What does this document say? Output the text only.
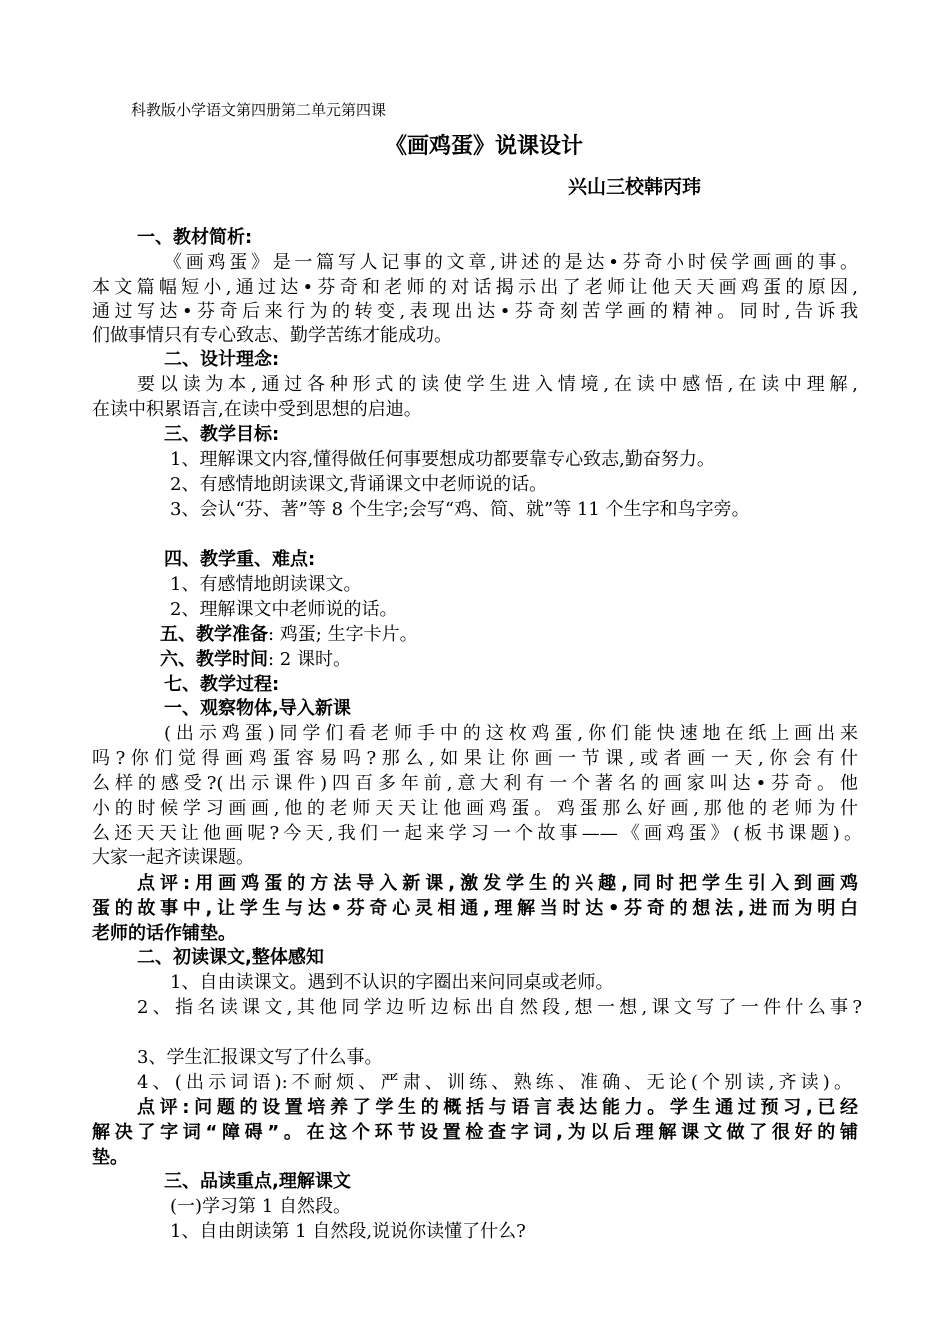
科教版小学语文第四册第二单元第四课
《画鸡蛋》说课设计
兴山三校韩丙玮
一、教材简析:
《画鸡蛋》是一篇写人记事的文章,讲述的是达•芬奇小时侯学画画的事。
本文篇幅短小,通过达•芬奇和老师的对话揭示出了老师让他天天画鸡蛋的原因,
通过写达•芬奇后来行为的转变,表现出达•芬奇刻苦学画的精神。同时,告诉我
们做事情只有专心致志、勤学苦练才能成功。
二、设计理念:
要以读为本,通过各种形式的读使学生进入情境,在读中感悟,在读中理解,
在读中积累语言,在读中受到思想的启迪。
三、教学目标:
1、理解课文内容,懂得做任何事要想成功都要靠专心致志,勤奋努力。
2、有感情地朗读课文,背诵课文中老师说的话。
3、会认“芬、著”等 8 个生字;会写“鸡、简、就”等 11 个生字和鸟字旁。
四、教学重、难点:
1、有感情地朗读课文。
2、理解课文中老师说的话。
五、教学准备: 鸡蛋; 生字卡片。
六、教学时间: 2 课时。
七、教学过程:
一、观察物体,导入新课
(出示鸡蛋)同学们看老师手中的这枚鸡蛋,你们能快速地在纸上画出来
吗?你们觉得画鸡蛋容易吗?那么,如果让你画一节课,或者画一天,你会有什
么样的感受?(出示课件)四百多年前,意大利有一个著名的画家叫达•芬奇。他
小的时候学习画画,他的老师天天让他画鸡蛋。鸡蛋那么好画,那他的老师为什
么还天天让他画呢?今天,我们一起来学习一个故事——《画鸡蛋》(板书课题)。
大家一起齐读课题。
点评:用画鸡蛋的方法导入新课,激发学生的兴趣,同时把学生引入到画鸡
蛋的故事中,让学生与达•芬奇心灵相通,理解当时达•芬奇的想法,进而为明白
老师的话作铺垫。
二、初读课文,整体感知
1、自由读课文。遇到不认识的字圈出来问同桌或老师。
2、指名读课文,其他同学边听边标出自然段,想一想,课文写了一件什么事?
3、学生汇报课文写了什么事。
4、(出示词语):不耐烦、严肃、训练、熟练、准确、无论(个别读,齐读)。
点评:问题的设置培养了学生的概括与语言表达能力。学生通过预习,已经
解决了字词“障碍”。在这个环节设置检查字词,为以后理解课文做了很好的铺
垫。
三、品读重点,理解课文
(一)学习第 1 自然段。
1、自由朗读第 1 自然段,说说你读懂了什么?
